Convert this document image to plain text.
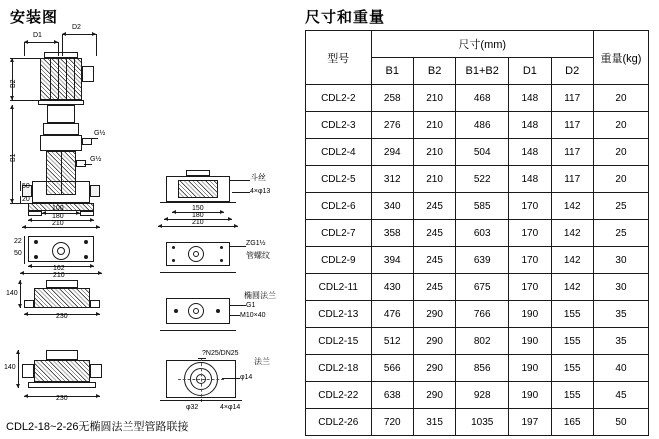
安装图
D1
D2
G½
G½
B2
B1
50
20
100
180
210
162
210
22
50
140
230
140
230
斗丝
4×φ13
150
180
210
ZG1½
管螺纹
椭圆法兰
G1
M10×40
?N25/DN25
法兰
φ14
φ32	4×φ14
CDL2-18~2-26无椭圆法兰型管路联接
尺寸和重量
型号	尺寸(mm)					重量(kg)
	B1	B2	B1+B2	D1	D2	
CDL2-2	258	210	468	148	117	20
CDL2-3	276	210	486	148	117	20
CDL2-4	294	210	504	148	117	20
CDL2-5	312	210	522	148	117	20
CDL2-6	340	245	585	170	142	25
CDL2-7	358	245	603	170	142	25
CDL2-9	394	245	639	170	142	30
CDL2-11	430	245	675	170	142	30
CDL2-13	476	290	766	190	155	35
CDL2-15	512	290	802	190	155	35
CDL2-18	566	290	856	190	155	40
CDL2-22	638	290	928	190	155	45
CDL2-26	720	315	1035	197	165	50
